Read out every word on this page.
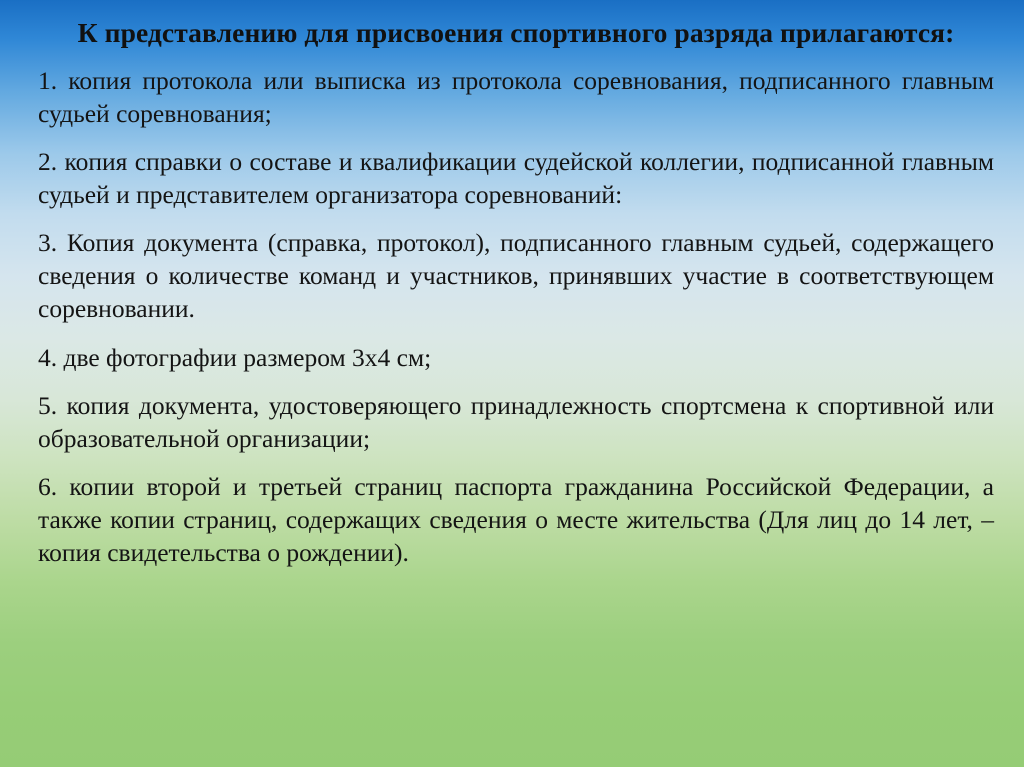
К представлению для присвоения спортивного разряда прилагаются:
1. копия протокола или выписка из протокола соревнования, подписанного главным судьей соревнования;
2. копия справки о составе и квалификации судейской коллегии, подписанной главным судьей и представителем организатора соревнований:
3. Копия документа (справка, протокол), подписанного главным судьей, содержащего сведения о количестве команд и участников, принявших участие в соответствующем соревновании.
4. две фотографии размером 3х4 см;
5. копия документа, удостоверяющего принадлежность спортсмена к спортивной или образовательной организации;
6. копии второй и третьей страниц паспорта гражданина Российской Федерации, а также копии страниц, содержащих сведения о месте жительства (Для лиц до 14 лет, – копия свидетельства о рождении).
